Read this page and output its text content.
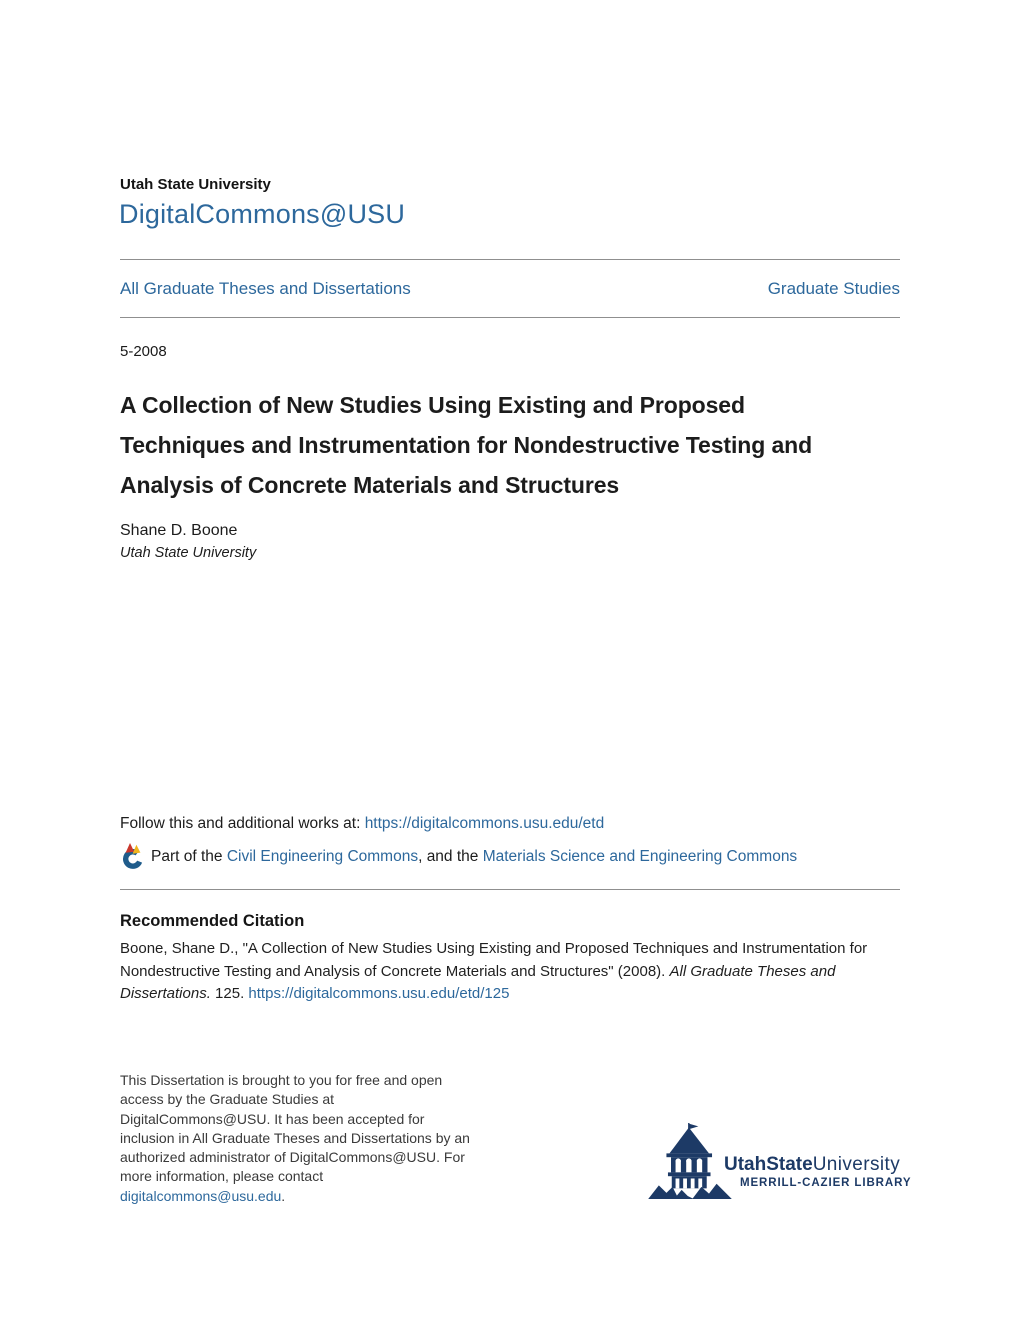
Utah State University
DigitalCommons@USU
All Graduate Theses and Dissertations	Graduate Studies
5-2008
A Collection of New Studies Using Existing and Proposed
Techniques and Instrumentation for Nondestructive Testing and
Analysis of Concrete Materials and Structures
Shane D. Boone
Utah State University
Follow this and additional works at: https://digitalcommons.usu.edu/etd
Part of the Civil Engineering Commons, and the Materials Science and Engineering Commons
Recommended Citation
Boone, Shane D., "A Collection of New Studies Using Existing and Proposed Techniques and Instrumentation for Nondestructive Testing and Analysis of Concrete Materials and Structures" (2008). All Graduate Theses and Dissertations. 125. https://digitalcommons.usu.edu/etd/125
This Dissertation is brought to you for free and open
access by the Graduate Studies at
DigitalCommons@USU. It has been accepted for
inclusion in All Graduate Theses and Dissertations by an
authorized administrator of DigitalCommons@USU. For
more information, please contact
digitalcommons@usu.edu.
UtahStateUniversity
MERRILL-CAZIER LIBRARY
